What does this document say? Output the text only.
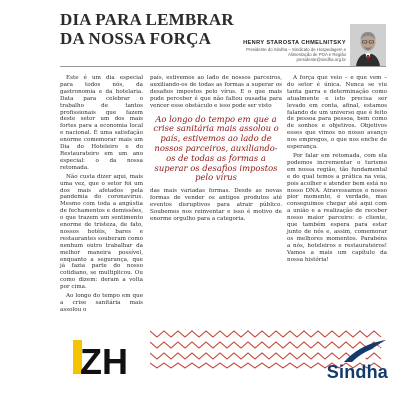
DIA PARA LEMBRAR
DA NOSSA FORÇA	HENRY STAROSTA CHMELNITSKY
Presidente do Sindha – Sindicato de Hospedagem e
Alimentação de POA e Região
presidente@sindha.org.br

Este é um dia especial para todos nós, da gastronomia e da hotelaria. Data para celebrar o trabalho de tantos profissionais que fazem deste setor um dos mais fortes para a economia local e nacional. É uma satisfação enorme comemorar mais um Dia do Hoteleiro e do Restaurateiro em um ano especial: o da nossa retomada.

Não custa dizer aqui, mais uma vez, que o setor foi um dos mais afetados pela pandemia do coronavírus. Mesmo com toda a angústia de fechamentos e demissões, o que trazem um sentimento enorme de tristeza, de fato, nossos hotéis, bares e restaurantes souberam como nenhum outro trabalhar da melhor maneira possível, enquanto a segurança, que já fazia parte do nosso cotidiano, se multiplicou. Ou como dizem: deram a volta por cima.

Ao longo do tempo em que a crise sanitária mais assolou o

país, estivemos ao lado de nossos parceiros, auxiliando-os de todas as formas a superar os desafios impostos pelo vírus. E o que mais pude perceber é que não faltou ousadia para vencer esse obstáculo e isso pode ser visto

Ao longo do tempo em que a crise sanitária mais assolou o país, estivemos ao lado de nossos parceiros, auxiliando-os de todas as formas a superar os desafios impostos pelo vírus

das mais variadas formas. Desde as novas formas de vender os antigos produtos até eventos disruptivos para atrair público. Soubemos nos reinventar e isso é motivo de enorme orgulho para a categoria.

A força que veio – e que vem – do setor é única. Nunca se viu tanta garra e determinação como atualmente e isto precisa ser levado em conta, afinal, estamos falando de um universo que é feito de pessoa para pessoa, bem como de sonhos e objetivos. Objetivos esses que vimos no nosso avanço nos empregos, o que nos enche de esperança.

Por falar em retomada, com ela podemos incrementar o turismo em nossa região, tão fundamental e do qual temos a prática na veia, pois acolher e atender bem está no nosso DNA. Atravessamos o nosso pior momento, é verdade, mas conseguimos chegar até aqui com a união e a realização de receber nosso maior parceiro: o cliente, que também espera para estar junto de nós e, assim, comemorar os melhores momentos. Parabéns a nós, hoteleiros e restaurateiros! Vamos a mais um capítulo da nossa história!

ZH	Sindha
